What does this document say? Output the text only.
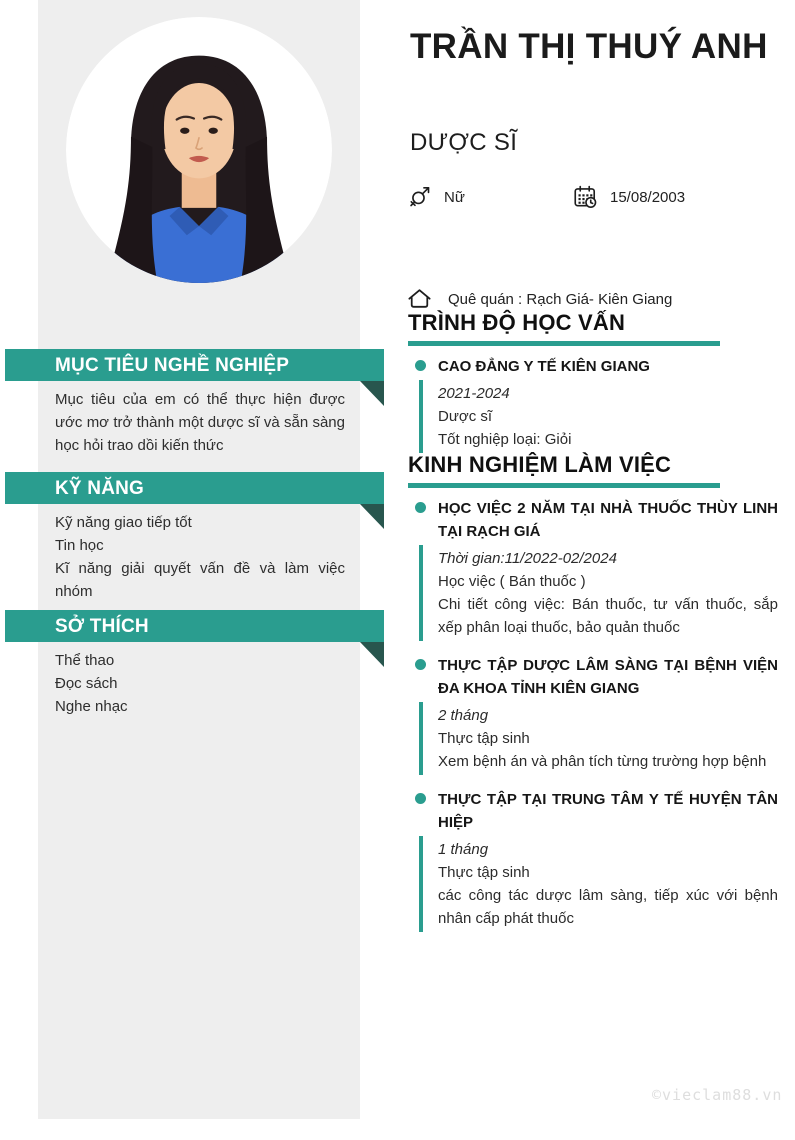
MỤC TIÊU NGHỀ NGHIỆP
Mục tiêu của em có thể thực hiện được ước mơ trở thành một dược sĩ và sẵn sàng học hỏi trao dồi kiến thức
KỸ NĂNG
Kỹ năng giao tiếp tốt
Tin học
Kĩ năng giải quyết vấn đề và làm việc nhóm
SỞ THÍCH
Thể thao
Đọc sách
Nghe nhạc
TRẦN THỊ THUÝ ANH
DƯỢC SĨ
Nữ	15/08/2003
Quê quán : Rạch Giá- Kiên Giang
TRÌNH ĐỘ HỌC VẤN
CAO ĐẲNG Y TẾ KIÊN GIANG
2021-2024
Dược sĩ
Tốt nghiệp loại: Giỏi
KINH NGHIỆM LÀM VIỆC
HỌC VIỆC 2 NĂM TẠI NHÀ THUỐC THÙY LINH TẠI RẠCH GIÁ
Thời gian:11/2022-02/2024
Học việc ( Bán thuốc )
Chi tiết công việc: Bán thuốc, tư vấn thuốc, sắp xếp phân loại thuốc, bảo quản thuốc
THỰC TẬP DƯỢC LÂM SÀNG TẠI BỆNH VIỆN ĐA KHOA TỈNH KIÊN GIANG
2 tháng
Thực tập sinh
Xem bệnh án và phân tích từng trường hợp bệnh
THỰC TẬP TẠI TRUNG TÂM Y TẾ HUYỆN TÂN HIỆP
1 tháng
Thực tập sinh
các công tác dược lâm sàng, tiếp xúc với bệnh nhân cấp phát thuốc
©vieclam88.vn
